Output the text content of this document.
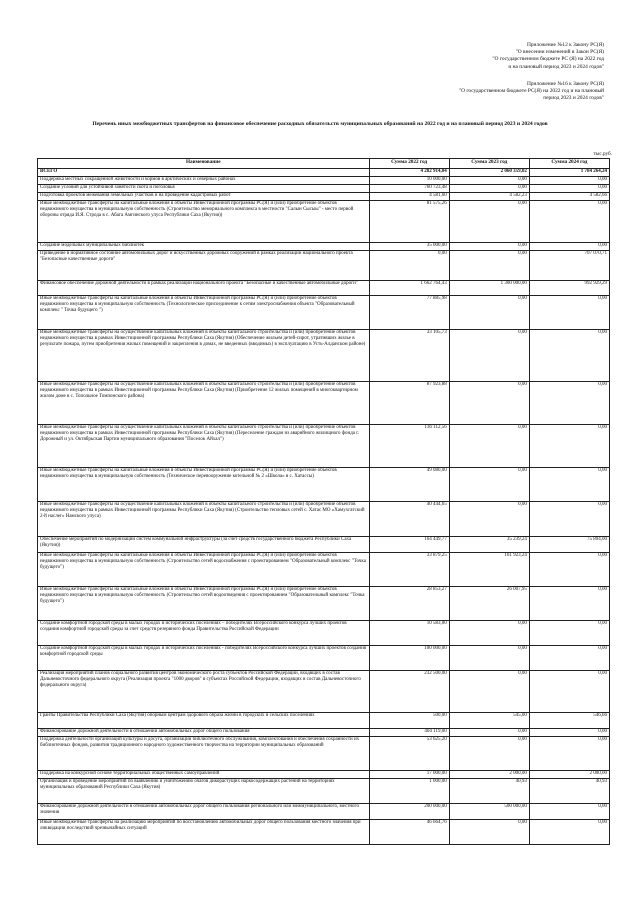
Приложение №12 к Закону РС(Я)
"О внесении изменений в Закон РС(Я)
"О государственном бюджете РС (Я) на 2022 год
и на плановый период 2023 и 2024 годов"
Приложение №16 к Закону РС(Я)
"О государственном бюджете РС(Я) на 2022 год и на плановый
период 2023 и 2024 годов"
Перечень иных межбюджетных трансфертов на финансовое обеспечение расходных обязательств муниципальных образований на 2022 год и на плановый период 2023 и 2024 годов
тыс.руб.
Наименование	Сумма 2022 год	Сумма 2023 год	Сумма 2024 год
ВСЕГО	4 282 914,04	2 060 359,02	1 784 264,24
Поддержка местных сокращенной животности и кормов в арктических и северных районах	10 000,00	0,00	0,00
Создание условий для устойчивой занятости скота и поголовья	760 723,48	0,00	0,00
Подготовка проектов межевания земельных участков и на проведение кадастровых работ	4 581,60	4 582,23	4 582,66
Иные межбюджетные трансферты на капитальные вложения в объекты Инвестиционной программы РС(Я) и (или) приобретение объектов недвижимого имущества в муниципальную собственность (Строительство мемориального комплекса в местности "Салын Сысыы" - место первой обороны отряда И.Я. Строда в с. Абага Амгинского улуса Республики Саха (Якутия))	81 575,26	0,00	0,00
Создание модельных муниципальных библиотек	35 000,00	0,00	0,00
Приведение в нормативное состояние автомобильных дорог и искусственных дорожных сооружений в рамках реализации национального проекта "Безопасные качественные дороги"	0,00	0,00	707 070,71
Финансовое обеспечение дорожной деятельности в рамках реализации национального проекта "Безопасные и качественные автомобильные дороги"	1 662 764,43	1 300 000,00	992 929,29
Иные межбюджетные трансферты на капитальные вложения в объекты Инвестиционной программы РС(Я) и (или) приобретение объектов недвижимого имущества в муниципальную собственность (Технологическое присоединение к сетям электроснабжения объекта "Образовательный комплекс " Точка будущего ")	77 885,98	0,00	0,00
Иные межбюджетные трансферты на осуществление капитальных вложений в объекты капитального строительства и (или) приобретение объектов недвижимого имущества в рамках Инвестиционной программы Республики Саха (Якутия) (Обеспечение жильем детей-сирот, утративших жилье в результате пожара, путем приобретения жилых помещений и закрепления в домах, не введенных (вводимых) в эксплуатацию в Усть-Алданском районе)	33 105,73	0,00	0,00
Иные межбюджетные трансферты на осуществление капитальных вложений в объекты капитального строительства и (или) приобретение объектов недвижимого имущества в рамках Инвестиционной программы Республики Саха (Якутия) (Приобретение 12 жилых помещений в многоквартирном жилом доме в с. Топольное Томпонского района)	87 923,88	0,00	0,00
Иные межбюджетные трансферты на осуществление капитальных вложений в объекты капитального строительства и (или) приобретение объектов недвижимого имущества в рамках Инвестиционной программы Республики Саха (Якутия) (Переселение граждан из аварийного жилищного фонда г. Дорожный и ул. Октябрьская Партии муниципального образования "Поселок Айхал")	136 112,56	0,00	0,00
Иные межбюджетные трансферты на капитальные вложения в объекты Инвестиционной программы РС(Я) и (или) приобретение объектов недвижимого имущества в муниципальную собственность (Техническое перевооружение котельной № 2 «Школа» в с. Хатассы)	49 080,00	0,00	0,00
Иные межбюджетные трансферты на осуществление капитальных вложений в объекты капитального строительства и (или) приобретение объектов недвижимого имущества в рамках Инвестиционной программы Республики Саха (Якутия) (Строительство тепловых сетей с. Хатас МО «Хамухгатский 2-й наслег» Намского улуса)	40 444,65	0,00	0,00
Обеспечение мероприятий по модернизации систем коммунальной инфраструктуры (за счет средств государственного бюджета Республики Саха (Якутия))	164 449,77	35 239,24	75 894,00
Иные межбюджетные трансферты на капитальные вложения в объекты Инвестиционной программы РС(Я) и (или) приобретение объектов недвижимого имущества в муниципальную собственность (Строительство сетей водоснабжения с проектированием "Образовательный комплекс "Точка будущего")	33 879,25	161 923,24	0,00
Иные межбюджетные трансферты на капитальные вложения в объекты Инвестиционной программы РС(Я) и (или) приобретение объектов недвижимого имущества в муниципальную собственность (Строительство сетей водоотведения с проектированием "Образовательный комплекс "Точка будущего")	28 853,27	26 007,95	0,00
Создание комфортной городской среды в малых городах и исторических поселениях – победителях Всероссийского конкурса лучших проектов создания комфортной городской среды за счет средств резервного фонда Правительства Российской Федерации	10 583,00	0,00	0,00
Создание комфортной городской среды в малых городах и исторических поселениях - победителях Всероссийского конкурса лучших проектов создания комфортной городской среды	100 000,00	0,00	0,00
Реализация мероприятий планов социального развития центров экономического роста субъектов Российской Федерации, входящих в состав Дальневосточного федерального округа (Реализация проекта "1000 дворов" в субъектах Российской Федерации, входящих в состав Дальневосточного федерального округа)	232 500,00	0,00	0,00
Гранты Правительства Республики Саха (Якутия) опорным центрам здорового образа жизни в городских и сельских поселениях	500,00	545,00	546,66
Финансирование дорожной деятельности в отношении автомобильных дорог общего пользования	404 119,00	0,00	0,00
Поддержка деятельности организаций культуры и досуга, организации библиотечного обслуживания, комплектования и обеспечения сохранности их библиотечных фондов, развития традиционного народного художественного творчества на территории муниципальных образований	53 625,20	0,00	0,00
Поддержка на конкурсной основе территориальных общественных самоуправлений	17 000,00	2 000,00	2 000,00
Организация и проведение мероприятий по выявлению и уничтожению очагов дикорастущих наркосодержащих растений на территориях муниципальных образований Республики Саха (Якутия)	1 000,00	40,93	40,93
Финансирование дорожной деятельности в отношении автомобильных дорог общего пользования регионального или межмуниципального, местного значения	200 000,00	500 000,00	0,00
Иные межбюджетные трансферты на реализацию мероприятий по восстановлению автомобильных дорог общего пользования местного значения при ликвидации последствий чрезвычайных ситуаций	46 664,76	0,00	0,00
